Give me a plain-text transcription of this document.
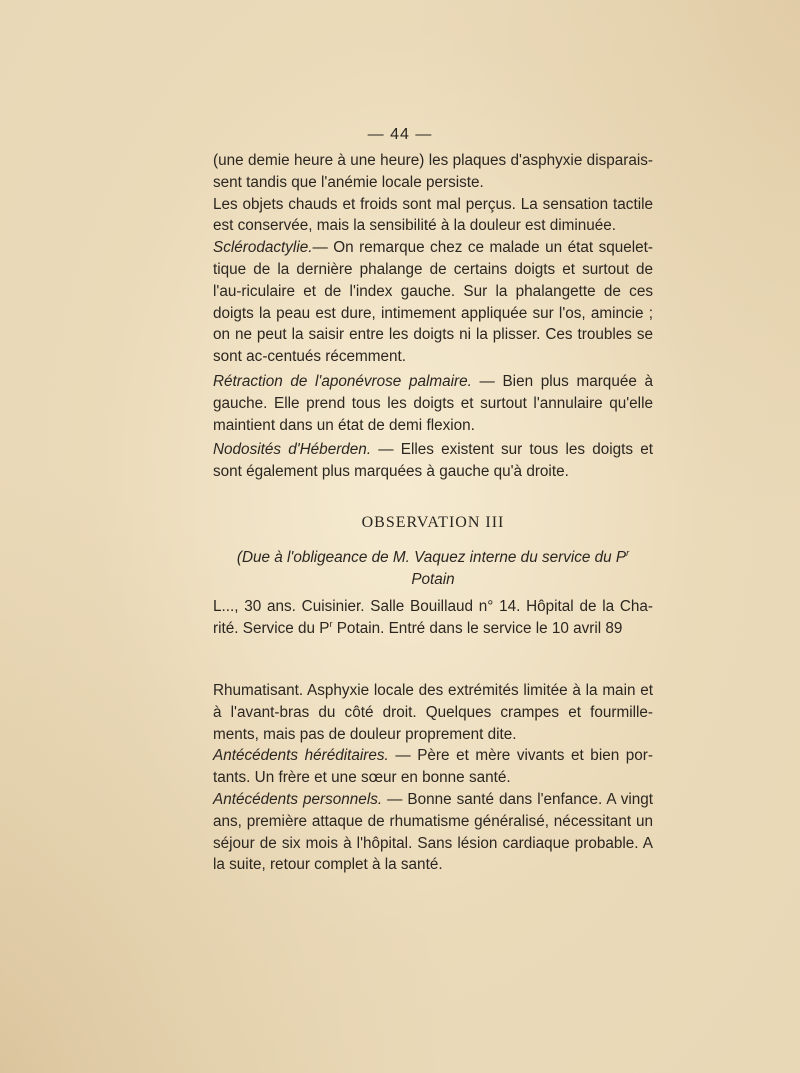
— 44 —

(une demie heure à une heure) les plaques d'asphyxie disparais-sent tandis que l'anémie locale persiste.

Les objets chauds et froids sont mal perçus. La sensation tactile est conservée, mais la sensibilité à la douleur est diminuée.

Sclérodactylie.— On remarque chez ce malade un état squelet-tique de la dernière phalange de certains doigts et surtout de l'au-riculaire et de l'index gauche. Sur la phalangette de ces doigts la peau est dure, intimement appliquée sur l'os, amincie ; on ne peut la saisir entre les doigts ni la plisser. Ces troubles se sont ac-centués récemment.

Rétraction de l'aponévrose palmaire. — Bien plus marquée à gauche. Elle prend tous les doigts et surtout l'annulaire qu'elle maintient dans un état de demi flexion.

Nodosités d'Héberden. — Elles existent sur tous les doigts et sont également plus marquées à gauche qu'à droite.

OBSERVATION III
(Due à l'obligeance de M. Vaquez interne du service du $P^r$
Potain

L..., 30 ans. Cuisinier. Salle Bouillaud n° 14. Hôpital de la Cha-rité. Service du $P^r$ Potain. Entré dans le service le 10 avril 89

Rhumatisant. Asphyxie locale des extrémités limitée à la main et à l'avant-bras du côté droit. Quelques crampes et fourmille-ments, mais pas de douleur proprement dite.

Antécédents héréditaires. — Père et mère vivants et bien por-tants. Un frère et une sœur en bonne santé.

Antécédents personnels. — Bonne santé dans l'enfance. A vingt ans, première attaque de rhumatisme généralisé, nécessitant un séjour de six mois à l'hôpital. Sans lésion cardiaque probable. A la suite, retour complet à la santé.
